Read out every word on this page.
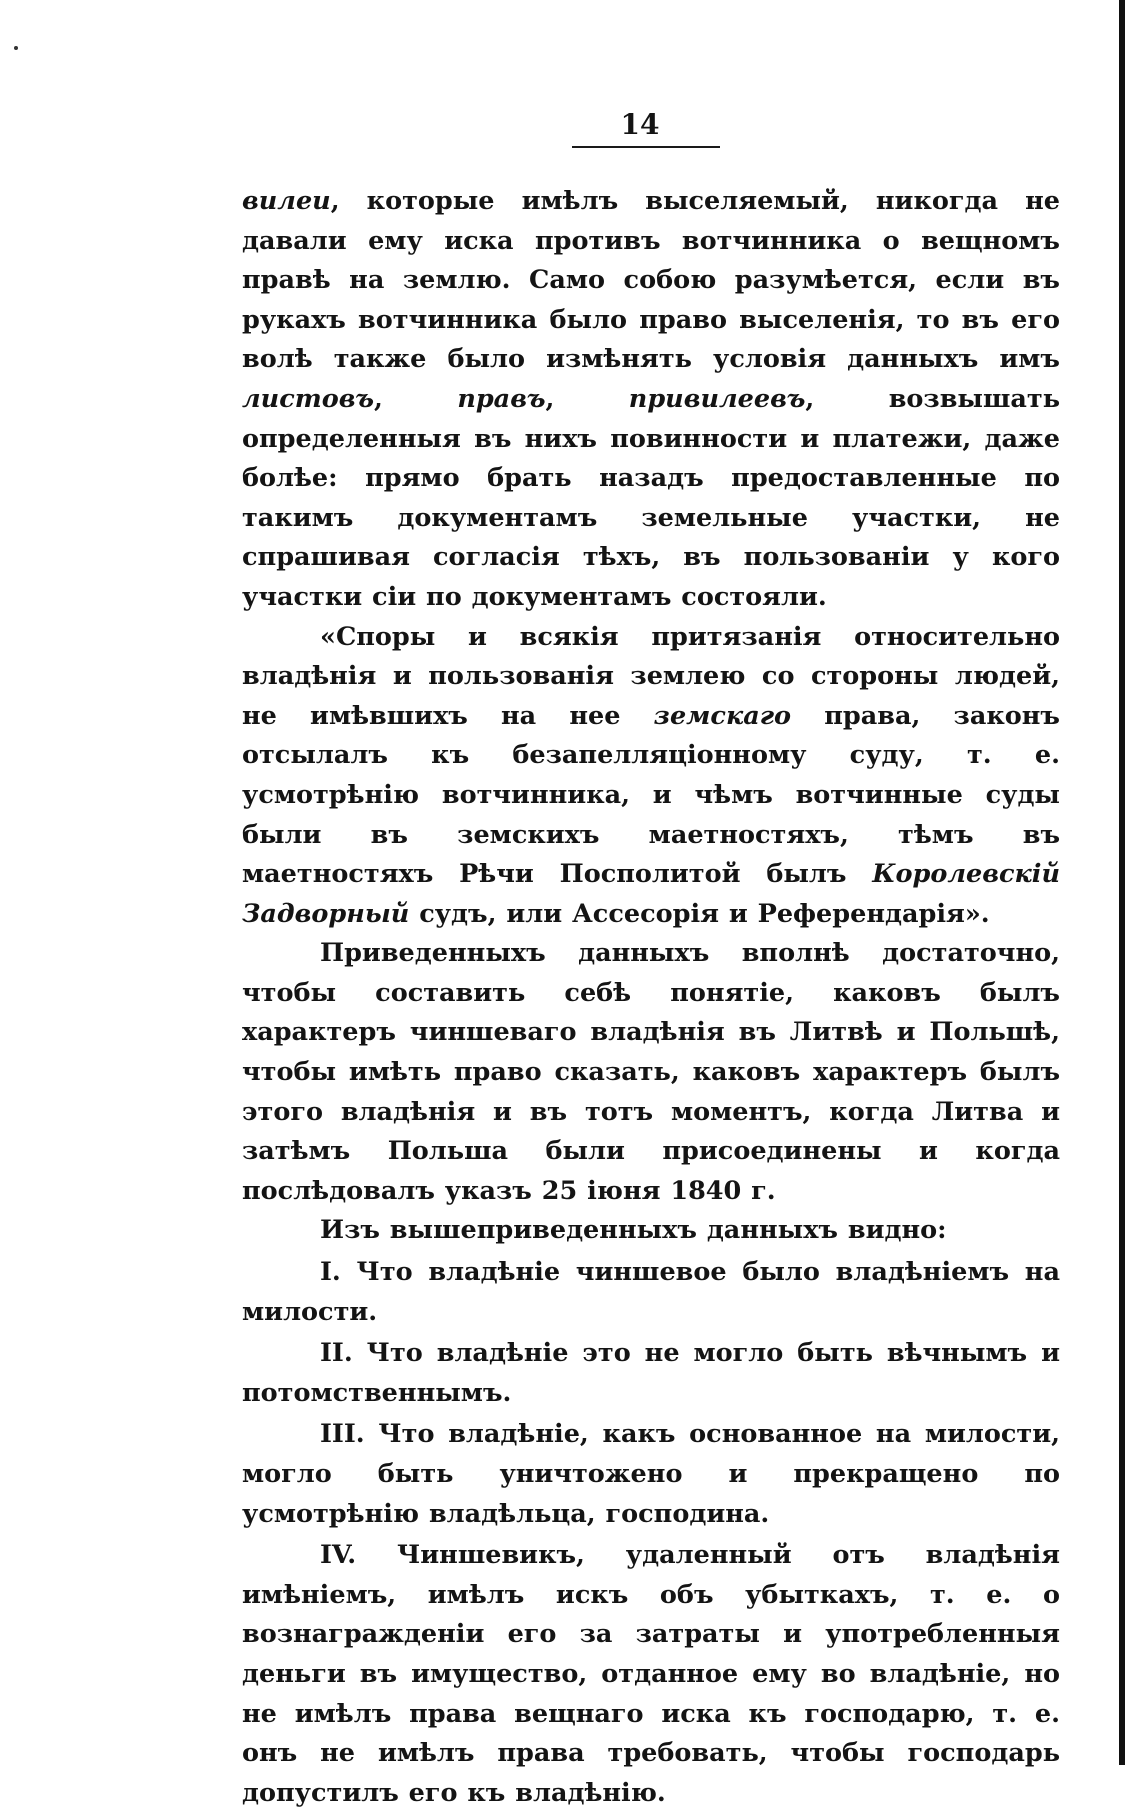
14

вилеи, которые имѣлъ выселяемый, никогда не давали ему иска противъ вотчинника о вещномъ правѣ на землю. Само собою разумѣется, если въ рукахъ вотчинника было право выселенія, то въ его волѣ также было измѣнять условія данныхъ имъ листовъ, правъ, привилеевъ, возвышать определенныя въ нихъ повинности и платежи, даже болѣе: прямо брать назадъ предоставленные по такимъ документамъ земельные участки, не спрашивая согласія тѣхъ, въ пользованіи у кого участки сіи по документамъ состояли.

«Споры и всякія притязанія относительно владѣнія и пользованія землею со стороны людей, не имѣвшихъ на нее земскаго права, законъ отсылалъ къ безапелляціонному суду, т. е. усмотрѣнію вотчинника, и чѣмъ вотчинные суды были въ земскихъ маетностяхъ, тѣмъ въ маетностяхъ Рѣчи Посполитой былъ Королевскій Задворный судъ, или Ассесорія и Референдарія».

Приведенныхъ данныхъ вполнѣ достаточно, чтобы составить себѣ понятіе, каковъ былъ характеръ чиншеваго владѣнія въ Литвѣ и Польшѣ, чтобы имѣть право сказать, каковъ характеръ былъ этого владѣнія и въ тотъ моментъ, когда Литва и затѣмъ Польша были присоединены и когда послѣдовалъ указъ 25 іюня 1840 г.

Изъ вышеприведенныхъ данныхъ видно:

I. Что владѣніе чиншевое было владѣніемъ на милости.

II. Что владѣніе это не могло быть вѣчнымъ и потомственнымъ.

III. Что владѣніе, какъ основанное на милости, могло быть уничтожено и прекращено по усмотрѣнію владѣльца, господина.

IV. Чиншевикъ, удаленный отъ владѣнія имѣніемъ, имѣлъ искъ объ убыткахъ, т. е. о вознагражденіи его за затраты и употребленныя деньги въ имущество, отданное ему во владѣніе, но не имѣлъ права вещнаго иска къ господарю, т. е. онъ не имѣлъ права требовать, чтобы господарь допустилъ его къ владѣнію.
